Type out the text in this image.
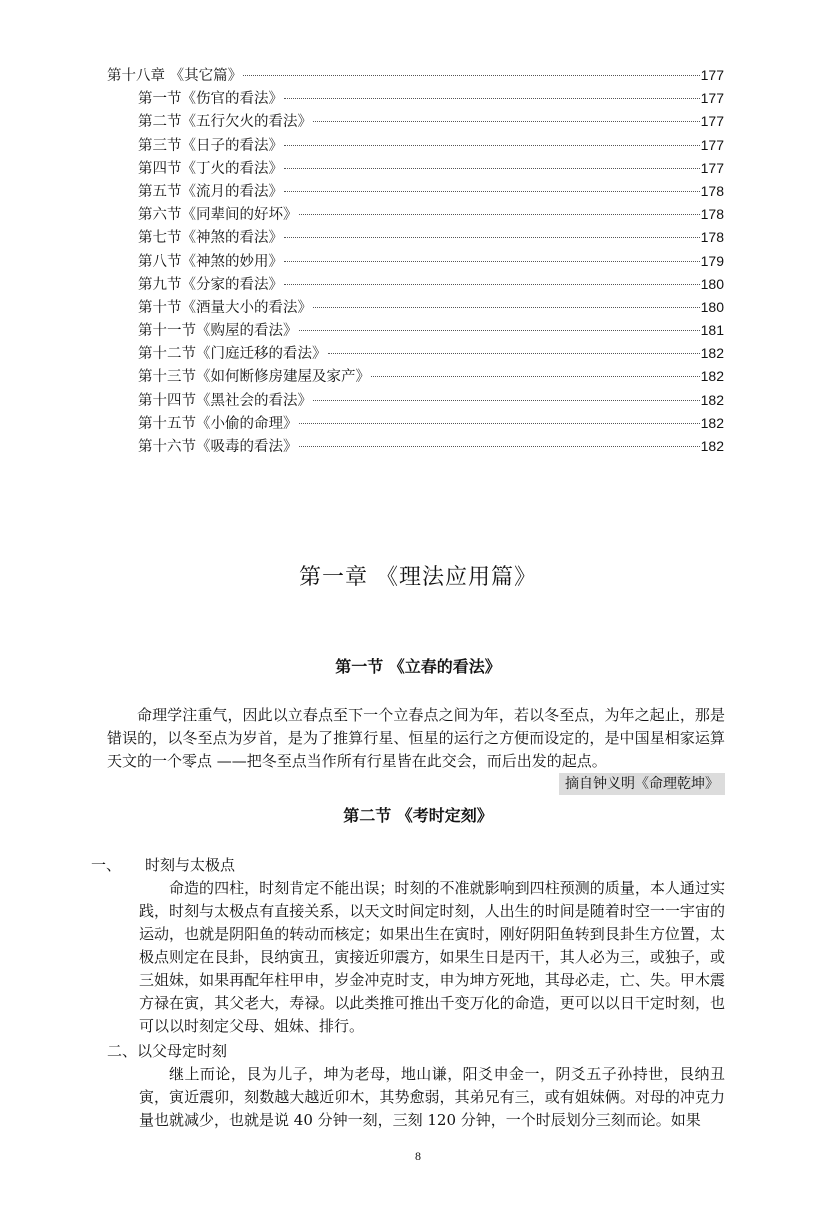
第十八章 《其它篇》	177
第一节《伤官的看法》	177
第二节《五行欠火的看法》	177
第三节《日子的看法》	177
第四节《丁火的看法》	177
第五节《流月的看法》	178
第六节《同辈间的好坏》	178
第七节《神煞的看法》	178
第八节《神煞的妙用》	179
第九节《分家的看法》	180
第十节《酒量大小的看法》	180
第十一节《购屋的看法》	181
第十二节《门庭迁移的看法》	182
第十三节《如何断修房建屋及家产》	182
第十四节《黑社会的看法》	182
第十五节《小偷的命理》	182
第十六节《吸毒的看法》	182
第一章 《理法应用篇》
第一节 《立春的看法》
命理学注重气，因此以立春点至下一个立春点之间为年，若以冬至点，为年之起止，那是错误的，以冬至点为岁首，是为了推算行星、恒星的运行之方便而设定的，是中国星相家运算天文的一个零点 ——把冬至点当作所有行星皆在此交会，而后出发的起点。
摘自钟义明《命理乾坤》
第二节 《考时定刻》
一、 时刻与太极点
命造的四柱，时刻肯定不能出误；时刻的不准就影响到四柱预测的质量，本人通过实践，时刻与太极点有直接关系，以天文时间定时刻，人出生的时间是随着时空一一宇宙的运动，也就是阴阳鱼的转动而核定；如果出生在寅时，刚好阴阳鱼转到艮卦生方位置，太极点则定在艮卦，艮纳寅丑，寅接近卯震方，如果生日是丙干，其人必为三，或独子，或三姐妹，如果再配年柱甲申，岁金冲克时支，申为坤方死地，其母必走，亡、失。甲木震方禄在寅，其父老大，寿禄。以此类推可推出千变万化的命造，更可以以日干定时刻，也可以以时刻定父母、姐妹、排行。
二、以父母定时刻
继上而论，艮为儿子，坤为老母，地山谦，阳爻申金一，阴爻五子孙持世，艮纳丑寅，寅近震卯，刻数越大越近卯木，其势愈弱，其弟兄有三，或有姐妹俩。对母的冲克力量也就减少，也就是说 40 分钟一刻，三刻 120 分钟，一个时辰划分三刻而论。如果
8
